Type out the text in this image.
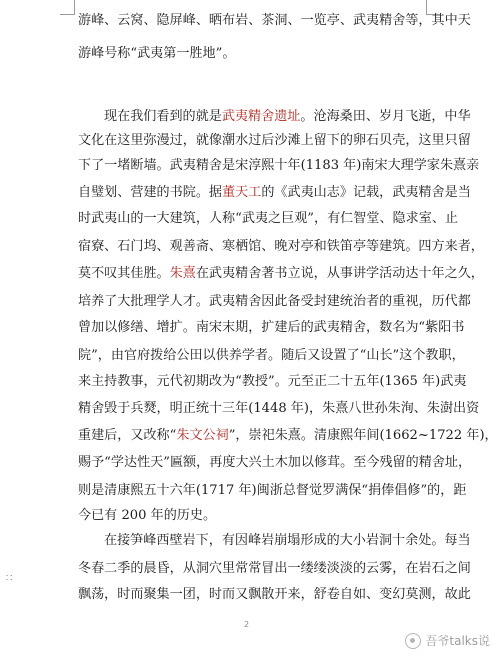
游峰、云窝、隐屏峰、晒布岩、茶洞、一览亭、武夷精舍等，其中天
游峰号称“武夷第一胜地”。
现在我们看到的就是武夷精舍遗址。沧海桑田、岁月飞逝，中华
文化在这里弥漫过，就像潮水过后沙滩上留下的卵石贝壳，这里只留
下了一堵断墙。武夷精舍是宋淳熙十年(1183 年)南宋大理学家朱熹亲
自璧划、营建的书院。据董天工的《武夷山志》记载，武夷精舍是当
时武夷山的一大建筑，人称“武夷之巨观”，有仁智堂、隐求室、止
宿寮、石门坞、观善斋、寒栖馆、晚对亭和铁笛亭等建筑。四方来者，
莫不叹其佳胜。朱熹在武夷精舍著书立说，从事讲学活动达十年之久，
培养了大批理学人才。武夷精舍因此备受封建统治者的重视，历代都
曾加以修缮、增扩。南宋末期，扩建后的武夷精舍，数名为“紫阳书
院”，由官府拨给公田以供养学者。随后又设置了“山长”这个教职，
来主持教事，元代初期改为“教授”。元至正二十五年(1365 年)武夷
精舍毁于兵燹，明正统十三年(1448 年)，朱熹八世孙朱洵、朱澍出资
重建后，又改称“朱文公祠”，崇祀朱熹。清康熙年间(1662~1722 年)，
赐予“学达性天”匾额，再度大兴土木加以修茸。至今残留的精舍址，
则是清康熙五十六年(1717 年)闽浙总督觉罗满保“捐俸倡修”的，距
今已有 200 年的历史。
在接笋峰西壁岩下，有因峰岩崩塌形成的大小岩洞十余处。每当
冬春二季的晨昏，从洞穴里常常冒出一缕缕淡淡的云雾，在岩石之间
飘荡，时而聚集一团，时而又飘散开来，舒卷自如、变幻莫测，故此
∷
2
吾爷talks说
